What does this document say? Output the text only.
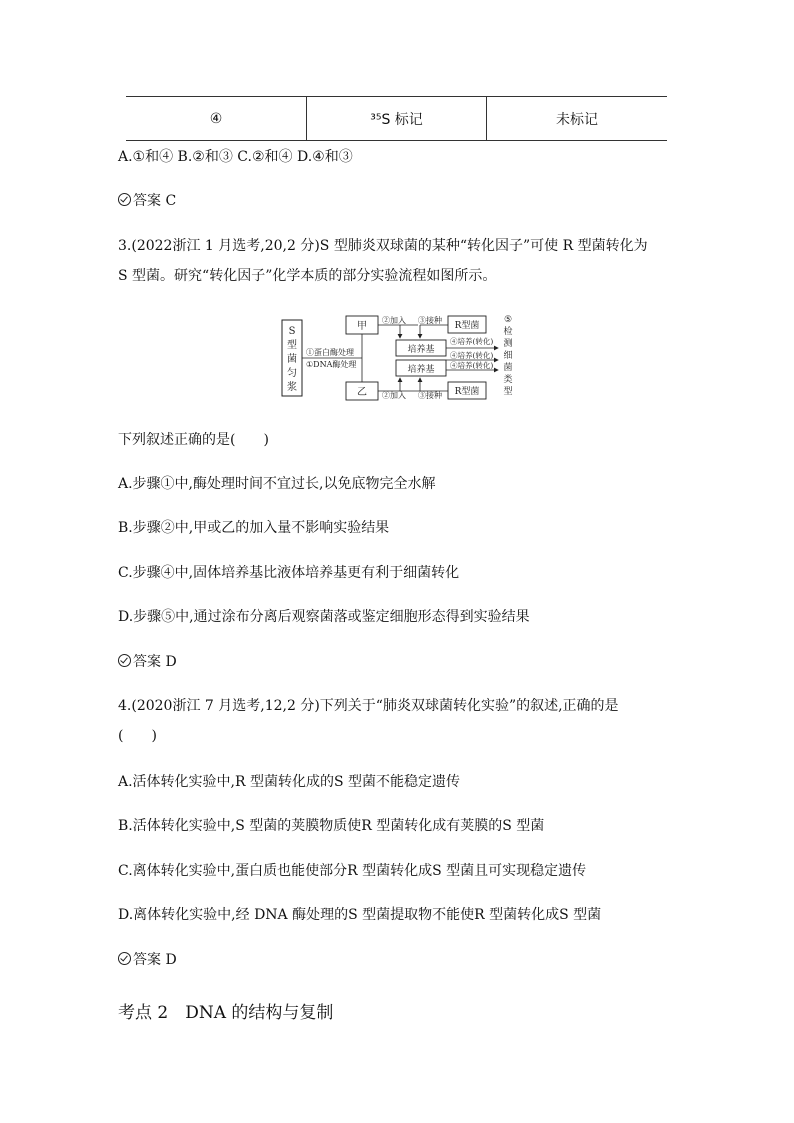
④	³⁵S 标记	未标记
A.①和④ B.②和③ C.②和④ D.④和③
答案 C
3.(2022浙江 1 月选考,20,2 分)S 型肺炎双球菌的某种“转化因子”可使 R 型菌转化为
S 型菌。研究“转化因子”化学本质的部分实验流程如图所示。
S
型
菌
匀
浆
①蛋白酶处理
①DNA酶处理
甲
乙
②加入 ③接种
R型菌
培养基
④培养(转化)
④培养(转化)
培养基 ④培养(转化)
②加入 ③接种 R型菌
⑤
检
测
细
菌
类
型
下列叙述正确的是(　　)
A.步骤①中,酶处理时间不宜过长,以免底物完全水解
B.步骤②中,甲或乙的加入量不影响实验结果
C.步骤④中,固体培养基比液体培养基更有利于细菌转化
D.步骤⑤中,通过涂布分离后观察菌落或鉴定细胞形态得到实验结果
答案 D
4.(2020浙江 7 月选考,12,2 分)下列关于“肺炎双球菌转化实验”的叙述,正确的是
(　　)
A.活体转化实验中,R 型菌转化成的S 型菌不能稳定遗传
B.活体转化实验中,S 型菌的荚膜物质使R 型菌转化成有荚膜的S 型菌
C.离体转化实验中,蛋白质也能使部分R 型菌转化成S 型菌且可实现稳定遗传
D.离体转化实验中,经 DNA 酶处理的S 型菌提取物不能使R 型菌转化成S 型菌
答案 D
考点 2　DNA 的结构与复制
